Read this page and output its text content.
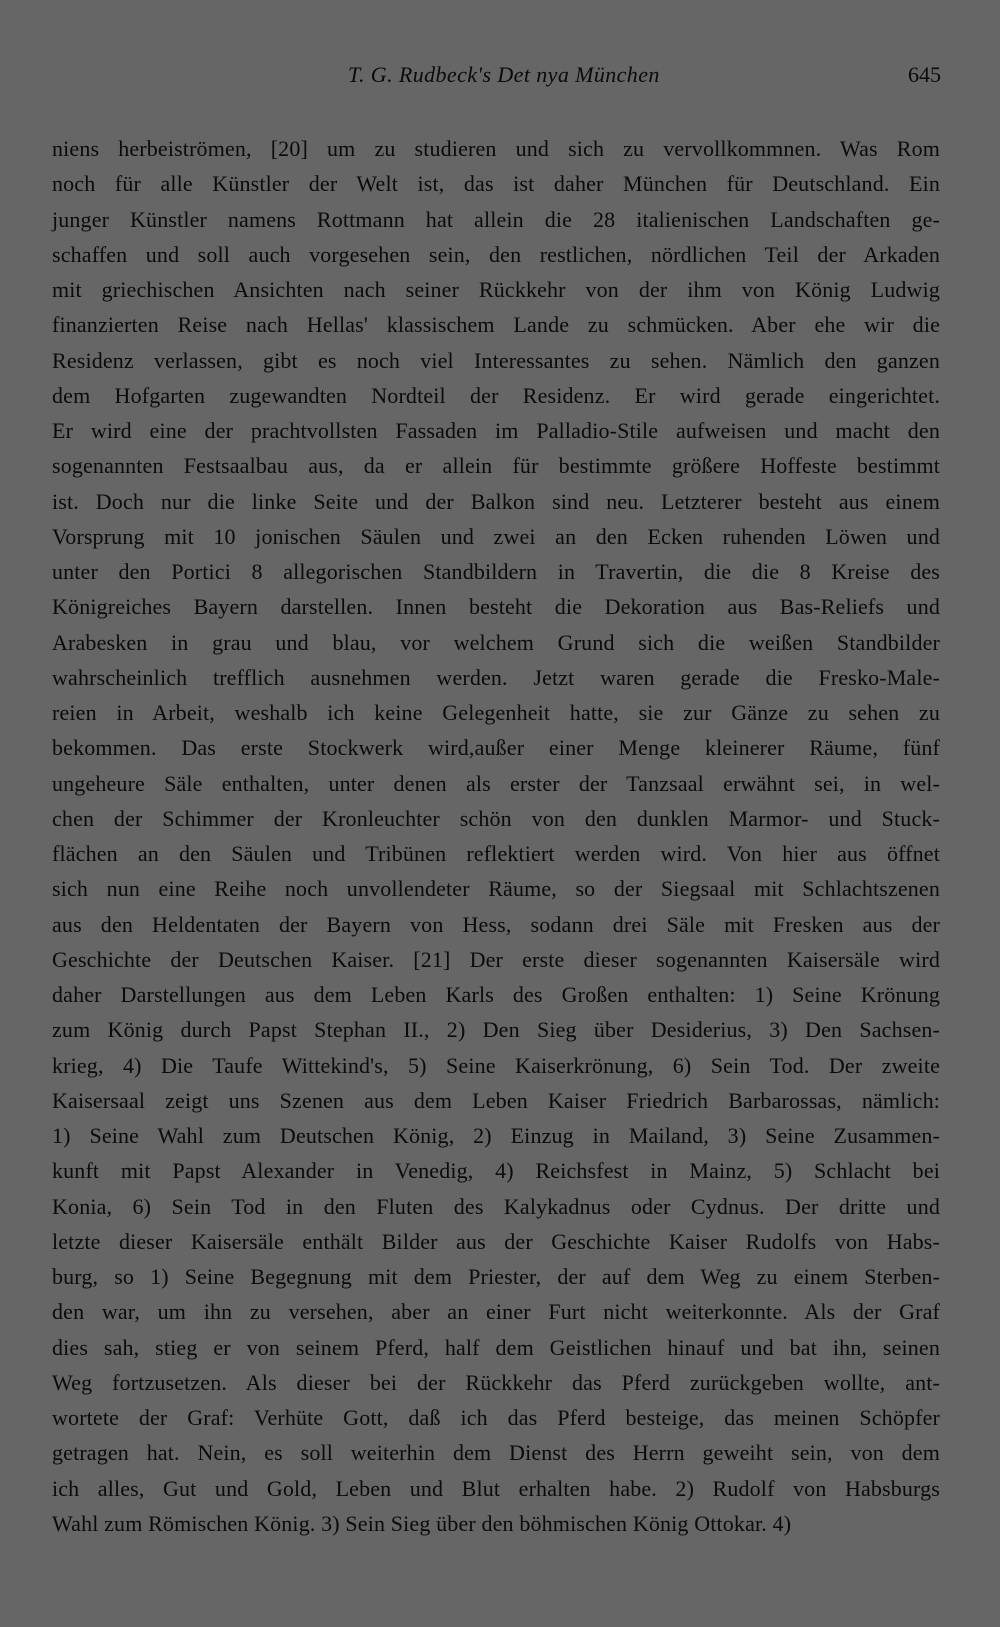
T. G. Rudbeck's Det nya München	645
niens herbeiströmen, [20] um zu studieren und sich zu vervollkommnen. Was Rom
noch für alle Künstler der Welt ist, das ist daher München für Deutschland. Ein
junger Künstler namens Rottmann hat allein die 28 italienischen Landschaften ge-
schaffen und soll auch vorgesehen sein, den restlichen, nördlichen Teil der Arkaden
mit griechischen Ansichten nach seiner Rückkehr von der ihm von König Ludwig
finanzierten Reise nach Hellas' klassischem Lande zu schmücken. Aber ehe wir die
Residenz verlassen, gibt es noch viel Interessantes zu sehen. Nämlich den ganzen
dem Hofgarten zugewandten Nordteil der Residenz. Er wird gerade eingerichtet.
Er wird eine der prachtvollsten Fassaden im Palladio-Stile aufweisen und macht den
sogenannten Festsaalbau aus, da er allein für bestimmte größere Hoffeste bestimmt
ist. Doch nur die linke Seite und der Balkon sind neu. Letzterer besteht aus einem
Vorsprung mit 10 jonischen Säulen und zwei an den Ecken ruhenden Löwen und
unter den Portici 8 allegorischen Standbildern in Travertin, die die 8 Kreise des
Königreiches Bayern darstellen. Innen besteht die Dekoration aus Bas-Reliefs und
Arabesken in grau und blau, vor welchem Grund sich die weißen Standbilder
wahrscheinlich trefflich ausnehmen werden. Jetzt waren gerade die Fresko-Male-
reien in Arbeit, weshalb ich keine Gelegenheit hatte, sie zur Gänze zu sehen zu
bekommen. Das erste Stockwerk wird,außer einer Menge kleinerer Räume, fünf
ungeheure Säle enthalten, unter denen als erster der Tanzsaal erwähnt sei, in wel-
chen der Schimmer der Kronleuchter schön von den dunklen Marmor- und Stuck-
flächen an den Säulen und Tribünen reflektiert werden wird. Von hier aus öffnet
sich nun eine Reihe noch unvollendeter Räume, so der Siegsaal mit Schlachtszenen
aus den Heldentaten der Bayern von Hess, sodann drei Säle mit Fresken aus der
Geschichte der Deutschen Kaiser. [21] Der erste dieser sogenannten Kaisersäle wird
daher Darstellungen aus dem Leben Karls des Großen enthalten: 1) Seine Krönung
zum König durch Papst Stephan II., 2) Den Sieg über Desiderius, 3) Den Sachsen-
krieg, 4) Die Taufe Wittekind's, 5) Seine Kaiserkrönung, 6) Sein Tod. Der zweite
Kaisersaal zeigt uns Szenen aus dem Leben Kaiser Friedrich Barbarossas, nämlich:
1) Seine Wahl zum Deutschen König, 2) Einzug in Mailand, 3) Seine Zusammen-
kunft mit Papst Alexander in Venedig, 4) Reichsfest in Mainz, 5) Schlacht bei
Konia, 6) Sein Tod in den Fluten des Kalykadnus oder Cydnus. Der dritte und
letzte dieser Kaisersäle enthält Bilder aus der Geschichte Kaiser Rudolfs von Habs-
burg, so 1) Seine Begegnung mit dem Priester, der auf dem Weg zu einem Sterben-
den war, um ihn zu versehen, aber an einer Furt nicht weiterkonnte. Als der Graf
dies sah, stieg er von seinem Pferd, half dem Geistlichen hinauf und bat ihn, seinen
Weg fortzusetzen. Als dieser bei der Rückkehr das Pferd zurückgeben wollte, ant-
wortete der Graf: Verhüte Gott, daß ich das Pferd besteige, das meinen Schöpfer
getragen hat. Nein, es soll weiterhin dem Dienst des Herrn geweiht sein, von dem
ich alles, Gut und Gold, Leben und Blut erhalten habe. 2) Rudolf von Habsburgs
Wahl zum Römischen König. 3) Sein Sieg über den böhmischen König Ottokar. 4)
